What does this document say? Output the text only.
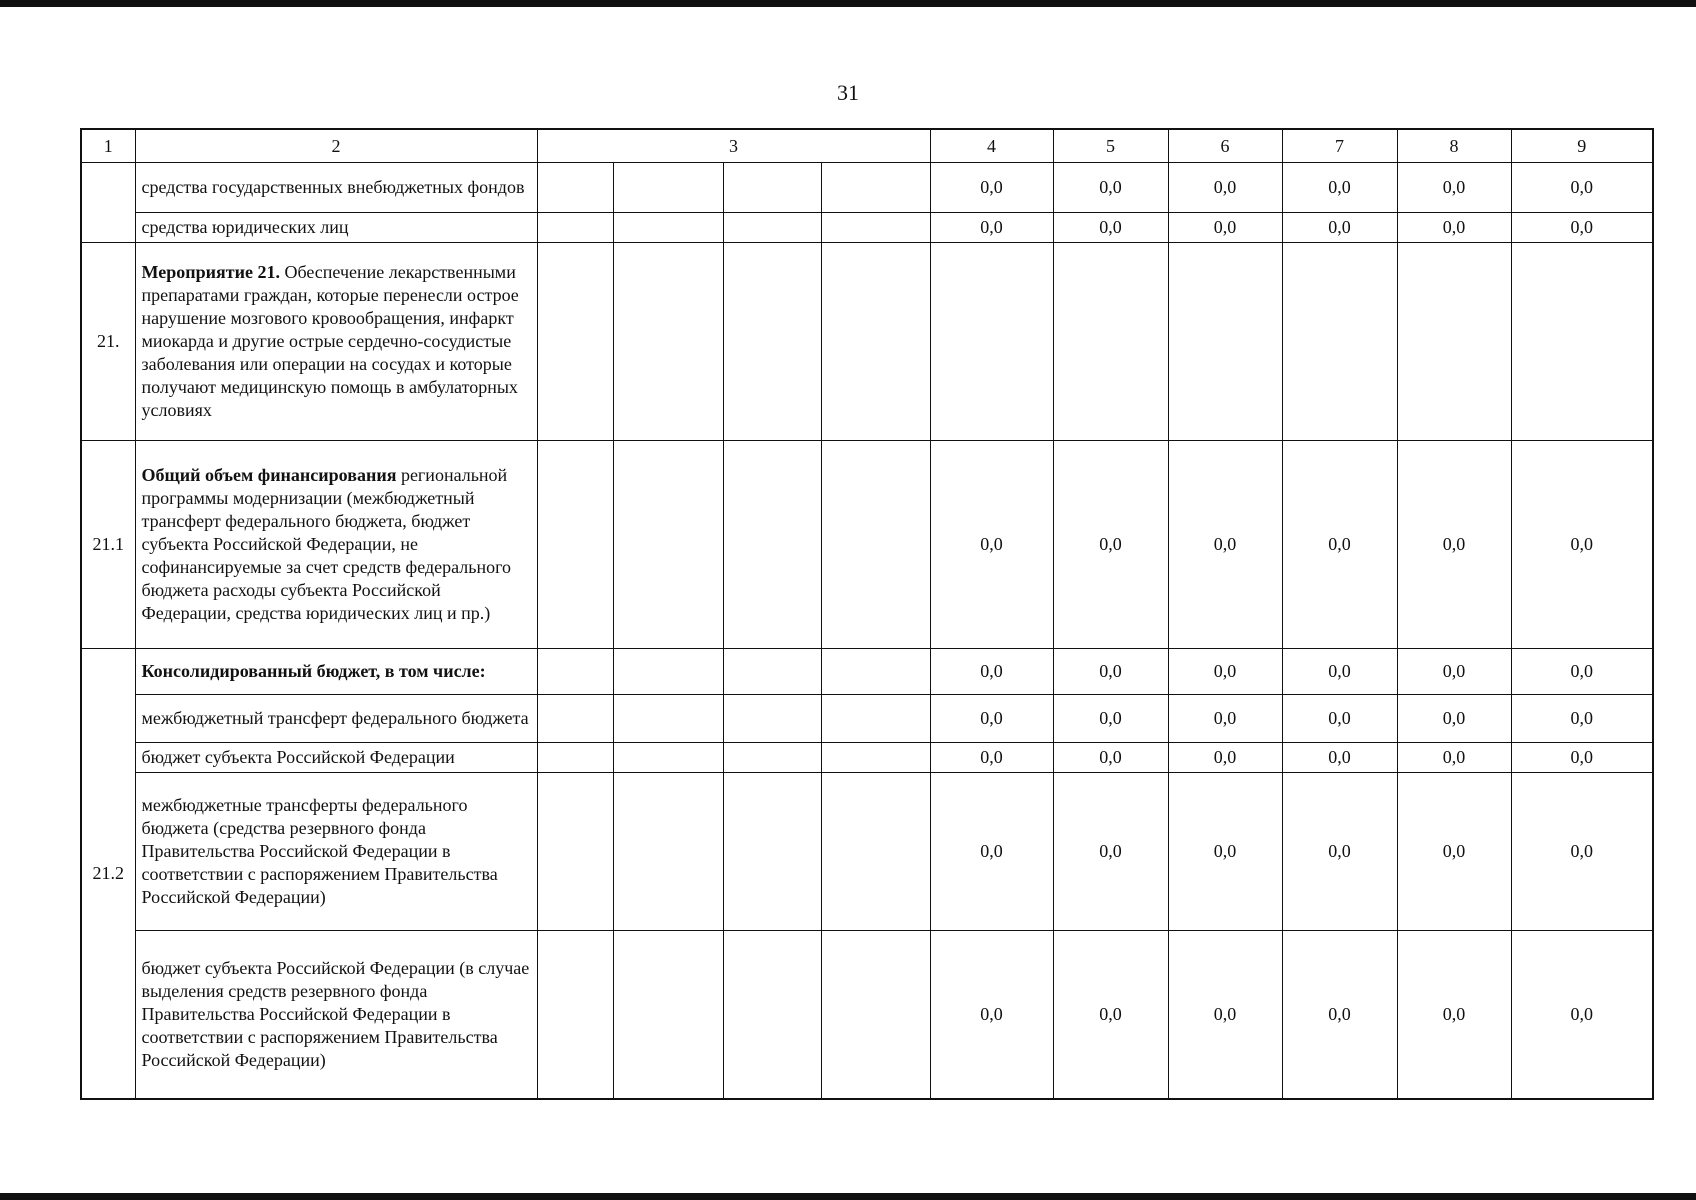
31
1	2	3				4	5	6	7	8	9
	средства государственных внебюджетных фондов					0,0	0,0	0,0	0,0	0,0	0,0
	средства юридических лиц					0,0	0,0	0,0	0,0	0,0	0,0
21.	Мероприятие 21. Обеспечение лекарственными препаратами граждан, которые перенесли острое нарушение мозгового кровообращения, инфаркт миокарда и другие острые сердечно-сосудистые заболевания или операции на сосудах и которые получают медицинскую помощь в амбулаторных условиях										
21.1	Общий объем финансирования региональной программы модернизации (межбюджетный трансферт федерального бюджета, бюджет субъекта Российской Федерации, не софинансируемые за счет средств федерального бюджета расходы субъекта Российской Федерации, средства юридических лиц и пр.)					0,0	0,0	0,0	0,0	0,0	0,0
21.2	Консолидированный бюджет, в том числе:					0,0	0,0	0,0	0,0	0,0	0,0
	межбюджетный трансферт федерального бюджета					0,0	0,0	0,0	0,0	0,0	0,0
	бюджет субъекта Российской Федерации					0,0	0,0	0,0	0,0	0,0	0,0
	межбюджетные трансферты федерального бюджета (средства резервного фонда Правительства Российской Федерации в соответствии с распоряжением Правительства Российской Федерации)					0,0	0,0	0,0	0,0	0,0	0,0
	бюджет субъекта Российской Федерации (в случае выделения средств резервного фонда Правительства Российской Федерации в соответствии с распоряжением Правительства Российской Федерации)					0,0	0,0	0,0	0,0	0,0	0,0
